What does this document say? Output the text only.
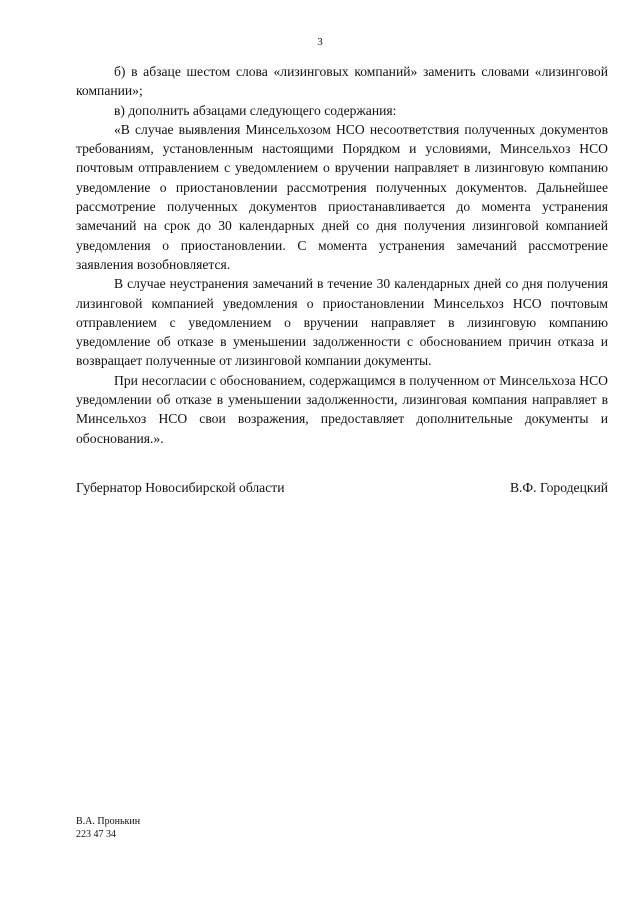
3

б) в абзаце шестом слова «лизинговых компаний» заменить словами «лизинговой компании»;

в) дополнить абзацами следующего содержания:

«В случае выявления Минсельхозом НСО несоответствия полученных документов требованиям, установленным настоящими Порядком и условиями, Минсельхоз НСО почтовым отправлением с уведомлением о вручении направляет в лизинговую компанию уведомление о приостановлении рассмотрения полученных документов. Дальнейшее рассмотрение полученных документов приостанавливается до момента устранения замечаний на срок до 30 календарных дней со дня получения лизинговой компанией уведомления о приостановлении. С момента устранения замечаний рассмотрение заявления возобновляется.

В случае неустранения замечаний в течение 30 календарных дней со дня получения лизинговой компанией уведомления о приостановлении Минсельхоз НСО почтовым отправлением с уведомлением о вручении направляет в лизинговую компанию уведомление об отказе в уменьшении задолженности с обоснованием причин отказа и возвращает полученные от лизинговой компании документы.

При несогласии с обоснованием, содержащимся в полученном от Минсельхоза НСО уведомлении об отказе в уменьшении задолженности, лизинговая компания направляет в Минсельхоз НСО свои возражения, предоставляет дополнительные документы и обоснования.».

Губернатор Новосибирской области	В.Ф. Городецкий
В.А. Пронькин
223 47 34
